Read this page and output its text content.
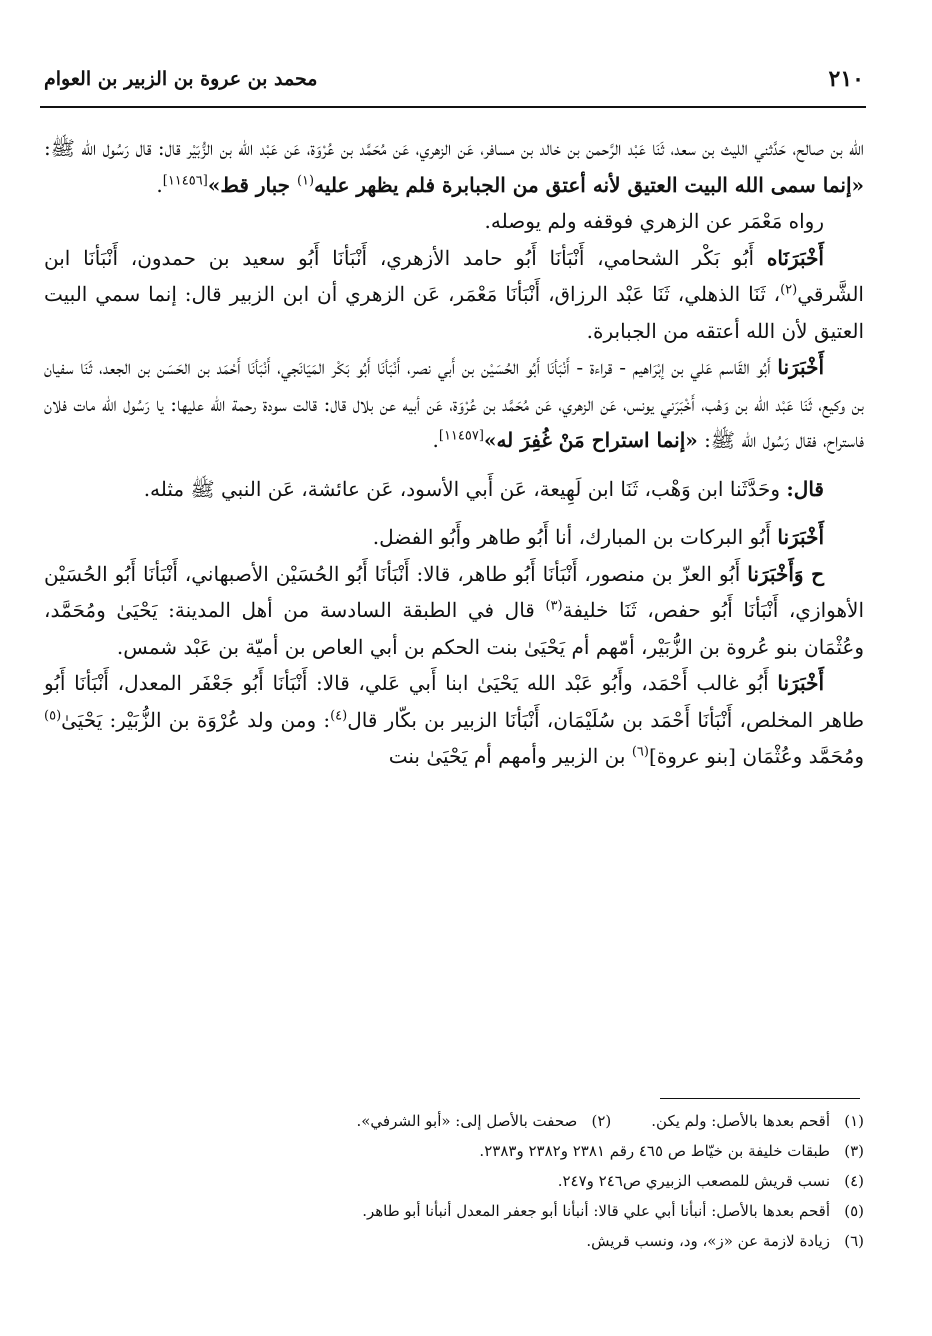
٢١٠
محمد بن عروة بن الزبير بن العوام

الله بن صالح، حَدَّثني الليث بن سعد، ثَنَا عَبْد الرَّحمن بن خالد بن مسافر، عَن الزهري، عَن مُحَمَّد بن عُرْوَة، عَن عَبْد الله بن الزُّبَيْر قال: قال رَسُول الله ﷺ: «إنما سمى الله البيت العتيق لأنه أعتق من الجبابرة فلم يظهر عليه$^{(١)}$ جبار قط»[١١٤٥٦].

رواه مَعْمَر عن الزهري فوقفه ولم يوصله.

أَخْبَرَنَاه أَبُو بَكْر الشحامي، أَنْبَأنَا أَبُو حامد الأزهري، أَنْبَأنَا أَبُو سعيد بن حمدون، أَنْبَأنَا ابن الشَّرقي$^{(٢)}$، ثَنَا الذهلي، ثَنَا عَبْد الرزاق، أَنْبَأنَا مَعْمَر، عَن الزهري أن ابن الزبير قال: إنما سمي البيت العتيق لأن الله أعتقه من الجبابرة.

أَخْبَرَنا أَبُو القَاسم عَلي بن إبْرَاهيم - قراءة - أَنْبَأنَا أَبُو الحُسَيْن بن أَبي نصر، أَنْبَأنَا أَبُو بَكْر المَيَانَجي، أَنْبَأنَا أَحْمَد بن الحَسَن بن الجعد، ثَنَا سفيان بن وكيع، ثَنَا عَبْد الله بن وَهْب، أَخْبَرَني يونس، عَن الزهري، عَن مُحَمَّد بن عُرْوَة، عَن أبيه عن بلال قال: قالت سودة رحمة الله عليها: يا رَسُول الله مات فلان فاستراح، فقال رَسُول الله ﷺ: «إنما استراح مَنْ غُفِرَ له»[١١٤٥٧].

قال: وحَدَّثَنا ابن وَهْب، ثَنَا ابن لَهِيعة، عَن أَبي الأسود، عَن عائشة، عَن النبي ﷺ مثله.

أَخْبَرَنا أَبُو البركات بن المبارك، أنا أَبُو طاهر وأَبُو الفضل.

ح وَأَخْبَرَنا أَبُو العزّ بن منصور، أَنْبَأنَا أَبُو طاهر، قالا: أَنْبَأنَا أَبُو الحُسَيْن الأصبهاني، أَنْبَأنَا أَبُو الحُسَيْن الأهوازي، أَنْبَأنَا أَبُو حفص، ثَنَا خليفة$^{(٣)}$ قال في الطبقة السادسة من أهل المدينة: يَحْيَىٰ ومُحَمَّد، وعُثْمَان بنو عُروة بن الزُّبَيْر، أمّهم أم يَحْيَىٰ بنت الحكم بن أبي العاص بن أميّة بن عَبْد شمس.

أَخْبَرَنا أَبُو غالب أَحْمَد، وأَبُو عَبْد الله يَحْيَىٰ ابنا أَبي عَلي، قالا: أَنْبَأنَا أَبُو جَعْفَر المعدل، أَنْبَأنَا أَبُو طاهر المخلص، أَنْبَأنَا أَحْمَد بن سُلَيْمَان، أَنْبَأنَا الزبير بن بكّار قال$^{(٤)}$: ومن ولد عُرْوَة بن الزُّبَيْر: يَحْيَىٰ$^{(٥)}$ ومُحَمَّد وعُثْمَان [بنو عروة]$^{(٦)}$ بن الزبير وأمهم أم يَحْيَىٰ بنت

(١)أقحم بعدها بالأصل: ولم يكن.(٢)صحفت بالأصل إلى: «أبو الشرفي».
(٣)طبقات خليفة بن خيّاط ص ٤٦٥ رقم ٢٣٨١ و٢٣٨٢ و٢٣٨٣.
(٤)نسب قريش للمصعب الزبيري ص٢٤٦ و٢٤٧.
(٥)أقحم بعدها بالأصل: أنبأنا أبي علي قالا: أنبأنا أبو جعفر المعدل أنبأنا أبو طاهر.
(٦)زيادة لازمة عن «ز»، ود، ونسب قريش.
